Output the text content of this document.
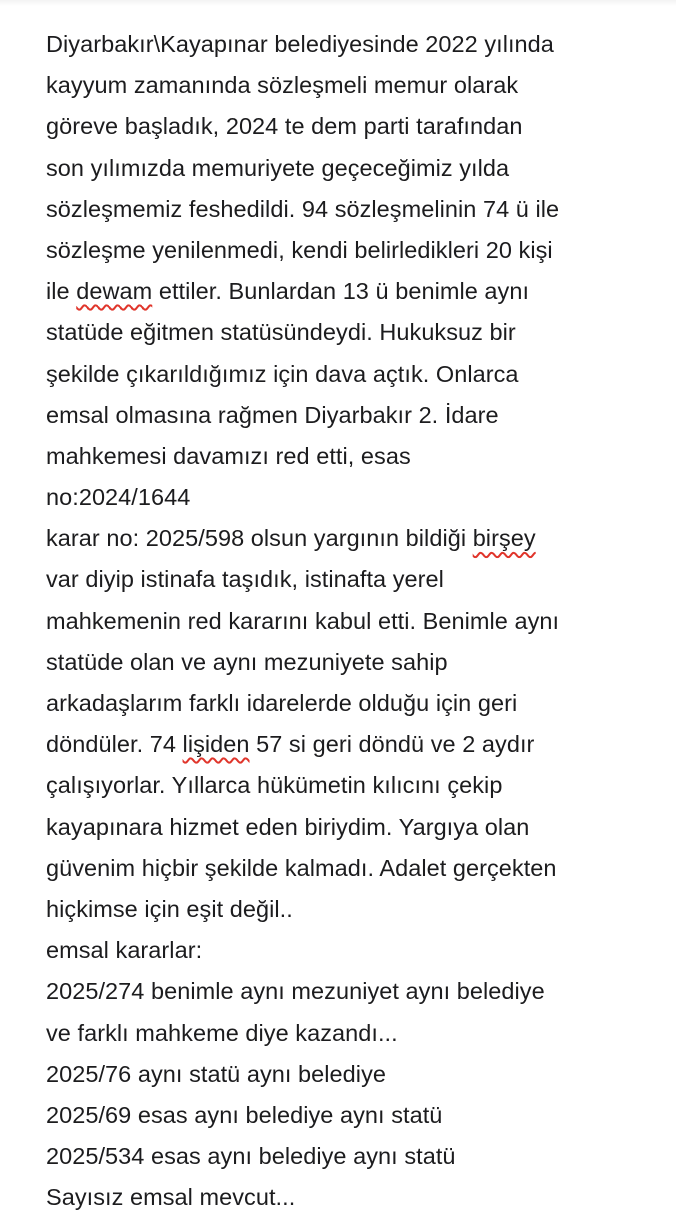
Diyarbakır\Kayapınar belediyesinde 2022 yılında
kayyum zamanında sözleşmeli memur olarak
göreve başladık, 2024 te dem parti tarafından
son yılımızda memuriyete geçeceğimiz yılda
sözleşmemiz feshedildi. 94 sözleşmelinin 74 ü ile
sözleşme yenilenmedi, kendi belirledikleri 20 kişi
ile dewam ettiler. Bunlardan 13 ü benimle aynı
statüde eğitmen statüsündeydi. Hukuksuz bir
şekilde çıkarıldığımız için dava açtık. Onlarca
emsal olmasına rağmen Diyarbakır 2. İdare
mahkemesi davamızı red etti, esas
no:2024/1644
karar no: 2025/598 olsun yargının bildiği birşey
var diyip istinafa taşıdık, istinafta yerel
mahkemenin red kararını kabul etti. Benimle aynı
statüde olan ve aynı mezuniyete sahip
arkadaşlarım farklı idarelerde olduğu için geri
döndüler. 74 lişiden 57 si geri döndü ve 2 aydır
çalışıyorlar. Yıllarca hükümetin kılıcını çekip
kayapınara hizmet eden biriydim. Yargıya olan
güvenim hiçbir şekilde kalmadı. Adalet gerçekten
hiçkimse için eşit değil..
emsal kararlar:
2025/274 benimle aynı mezuniyet aynı belediye
ve farklı mahkeme diye kazandı...
2025/76 aynı statü aynı belediye
2025/69 esas aynı belediye aynı statü
2025/534 esas aynı belediye aynı statü
Sayısız emsal mevcut...
